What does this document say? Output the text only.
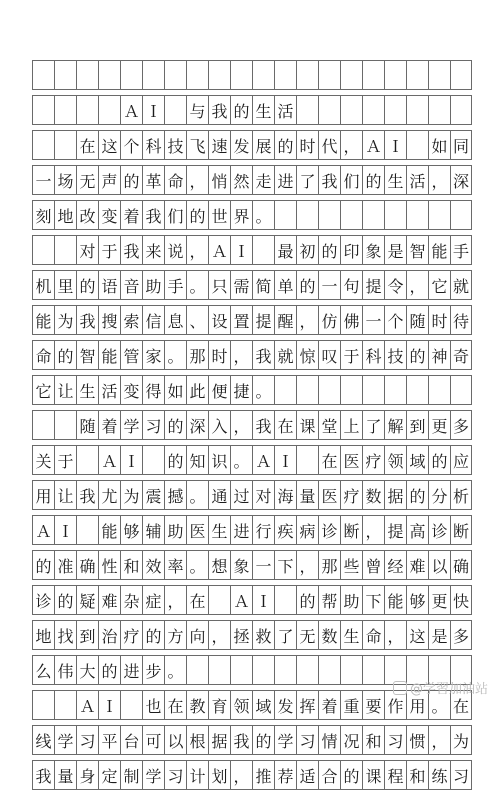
Ａ Ｉ 与 我 的 生 活
在 这 个 科 技 飞 速 发 展 的 时 代 ， Ａ Ｉ 如 同
一 场 无 声 的 革 命 ， 悄 然 走 进 了 我 们 的 生 活 ， 深
刻 地 改 变 着 我 们 的 世 界 。
对 于 我 来 说 ， Ａ Ｉ 最 初 的 印 象 是 智 能 手
机 里 的 语 音 助 手 。 只 需 简 单 的 一 句 提 令 ， 它 就
能 为 我 搜 索 信 息 、 设 置 提 醒 ， 仿 佛 一 个 随 时 待
命 的 智 能 管 家 。 那 时 ， 我 就 惊 叹 于 科 技 的 神 奇
它 让 生 活 变 得 如 此 便 捷 。
随 着 学 习 的 深 入 ， 我 在 课 堂 上 了 解 到 更 多
关 于 Ａ Ｉ 的 知 识 。 Ａ Ｉ 在 医 疗 领 域 的 应
用 让 我 尤 为 震 撼 。 通 过 对 海 量 医 疗 数 据 的 分 析
Ａ Ｉ 能 够 辅 助 医 生 进 行 疾 病 诊 断 ， 提 高 诊 断
的 准 确 性 和 效 率 。 想 象 一 下 ， 那 些 曾 经 难 以 确
诊 的 疑 难 杂 症 ， 在 Ａ Ｉ 的 帮 助 下 能 够 更 快
地 找 到 治 疗 的 方 向 ， 拯 救 了 无 数 生 命 ， 这 是 多
么 伟 大 的 进 步 。
Ａ Ｉ 也 在 教 育 领 域 发 挥 着 重 要 作 用 。 在
线 学 习 平 台 可 以 根 据 我 的 学 习 情 况 和 习 惯 ， 为
我 量 身 定 制 学 习 计 划 ， 推 荐 适 合 的 课 程 和 练 习
@学習加油站
